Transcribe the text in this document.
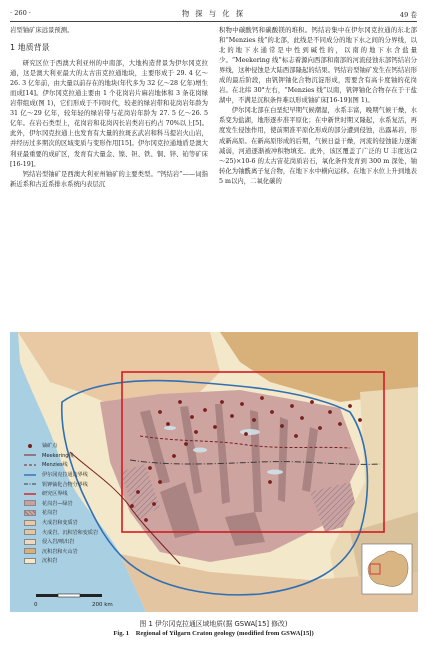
· 260 ·	物 探 与 化 探	49 卷

岩型铀矿床远景预测。

1 地质背景

研究区位于西澳大利亚州的中南部，大地构造背景为伊尔冈克拉通，这是澳大利亚最大的太古宙克拉通地块，主要形成于 29. 4 亿～26. 3 亿年前，由大量以前存在的地块(年代多为 32 亿～28 亿年)增生而成[14]。伊尔冈克拉通主要由 1 个花岗岩片麻岩地体和 3 条花岗绿岩带组成(图 1)，它们形成于不同时代，较老的绿岩带和花岗岩年龄为 31 亿～29 亿年，较年轻的绿岩带与花岗岩年龄为 27. 5 亿～26. 5 亿年。在岩石类型上，花岗岩和花岗闪长岩类岩石约占 70%以上[5]。此外，伊尔冈克拉通上也发育有大量的拉斑玄武岩和科马提岩火山岩，并经历过多期次的区域变质与变形作用[15]。伊尔冈克拉通地盾是澳大利亚最重要的成矿区，发育有大量金、镍、钽、铁、铜、锌、铂等矿床[16-19]。

钙结岩型铀矿是西澳大利亚州铀矿的主要类型。“钙结岩”——词指新近系和古近系排水系统内表层沉

积物中碳酸钙和碳酸镁的堆积。钙结岩集中在伊尔冈克拉通的东北部和“Menzies 线”的北部，此线是不同成分的地下水之间的分界线，以北的地下水通常是中性到碱性的，以南的地下水含盐量少。“Meekering 线”标志着源向西部和南部的河流侵蚀东部钙结岩分界线，这种侵蚀是大陆西部隆起的结果。钙结岩型铀矿发生在钙结岩形成的最后阶段，由钒钾铀化合物沉淀形成，需要含有高卡度铀的花岗岩。在北纬 30°左右，“Menzies 线”以南，钒钾铀化合物存在于干盐湖中，不满足沉积条件难以形成铀矿床[16-19](图 1)。

伊尔冈北部在白垩纪早期气候潮湿，水系丰富，晚期气候干燥，水系变为盐湖，地形逐步准平原化；在中新世时期又隆起，水系复活，再度发生侵蚀作用，使前期准平原化形成的部分遭到侵蚀，出露基岩，形成新高原。在新高原形成的后期，气候日益干燥，河流的侵蚀能力逐渐减弱，河道逐渐被冲积物填充。此外，该区覆盖了广泛的 U 丰度达(2～25)×10-6 的太古宙花岗质岩石，氧化条件发育到 300 m 深处，铀转化为铀酰离子复合物，在地下水中横向运移。在地下水位上升到地表5 m以内，二氧化碳的

0	200 km
铀矿点
Meekering线
Menzies线
伊尔冈克拉通边界线
钒钾铀化合物分界线
研究区界线
花岗岩—绿岩
花岗岩
火成岩和变质岩
火成岩、沉积岩和变质岩
侵入岩/喷出岩
沉积岩和火山岩
沉积岩
图 1 伊尔冈克拉通区域地质(据 GSWA[15] 修改)
Fig. 1 Regional of Yilgarn Craton geology (modified from GSWA[15])
